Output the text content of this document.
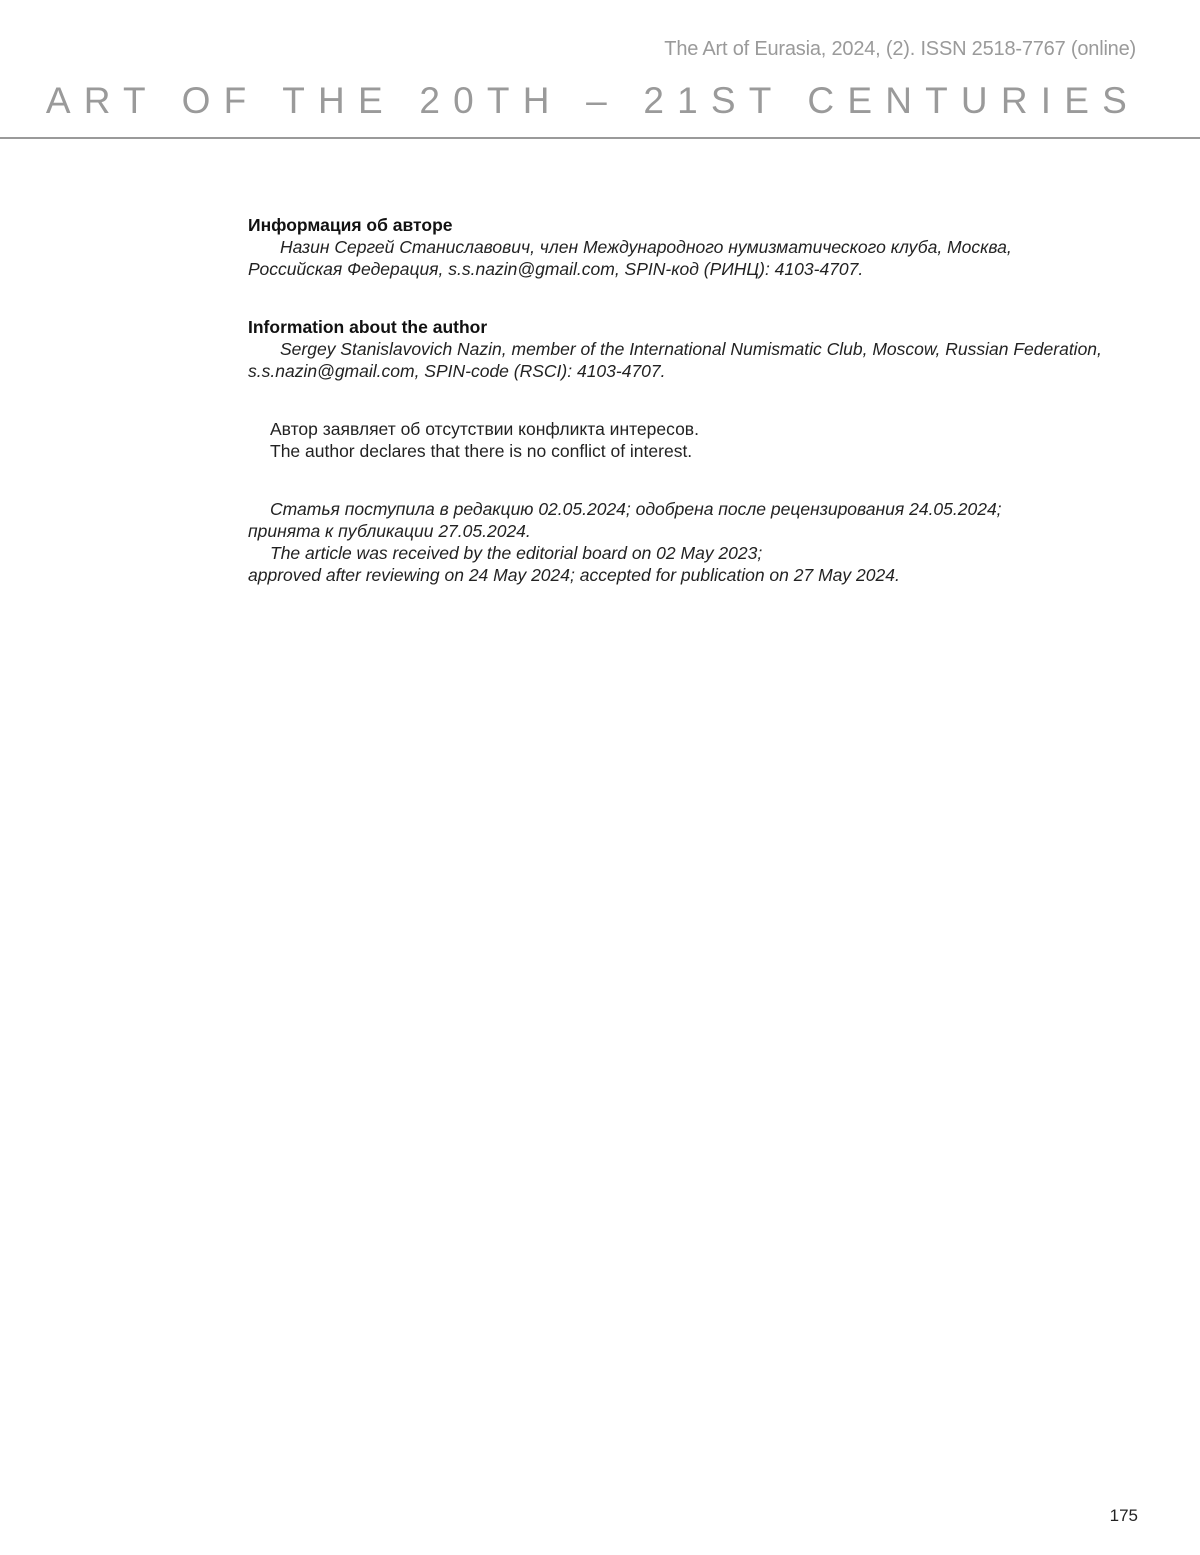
The Art of Eurasia, 2024, (2). ISSN 2518-7767 (online)
ART OF THE 20TH – 21ST CENTURIES
Информация об авторе
Назин Сергей Станиславович, член Международного нумизматического клуба, Москва,
Российская Федерация, s.s.nazin@gmail.com, SPIN-код (РИНЦ): 4103-4707.
Information about the author
Sergey Stanislavovich Nazin, member of the International Numismatic Club, Moscow, Russian Federation,
s.s.nazin@gmail.com, SPIN-code (RSCI): 4103-4707.
Автор заявляет об отсутствии конфликта интересов.
The author declares that there is no conflict of interest.
Статья поступила в редакцию 02.05.2024; одобрена после рецензирования 24.05.2024;
принята к публикации 27.05.2024.
The article was received by the editorial board on 02 May 2023;
approved after reviewing on 24 May 2024; accepted for publication on 27 May 2024.
175
